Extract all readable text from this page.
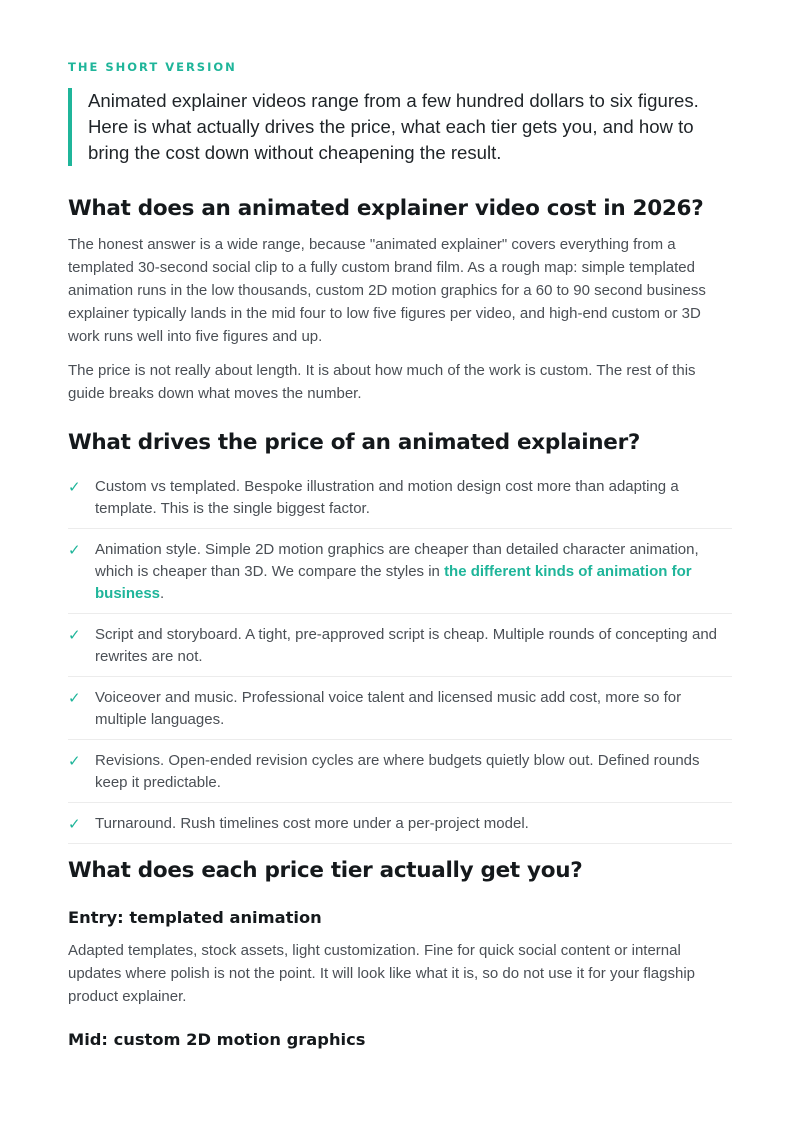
THE SHORT VERSION
Animated explainer videos range from a few hundred dollars to six figures. Here is what actually drives the price, what each tier gets you, and how to bring the cost down without cheapening the result.
What does an animated explainer video cost in 2026?

The honest answer is a wide range, because "animated explainer" covers everything from a templated 30-second social clip to a fully custom brand film. As a rough map: simple templated animation runs in the low thousands, custom 2D motion graphics for a 60 to 90 second business explainer typically lands in the mid four to low five figures per video, and high-end custom or 3D work runs well into five figures and up.

The price is not really about length. It is about how much of the work is custom. The rest of this guide breaks down what moves the number.

What drives the price of an animated explainer?
✓ Custom vs templated. Bespoke illustration and motion design cost more than adapting a template. This is the single biggest factor.
✓ Animation style. Simple 2D motion graphics are cheaper than detailed character animation, which is cheaper than 3D. We compare the styles in the different kinds of animation for business.
✓ Script and storyboard. A tight, pre-approved script is cheap. Multiple rounds of concepting and rewrites are not.
✓ Voiceover and music. Professional voice talent and licensed music add cost, more so for multiple languages.
✓ Revisions. Open-ended revision cycles are where budgets quietly blow out. Defined rounds keep it predictable.
✓ Turnaround. Rush timelines cost more under a per-project model.
What does each price tier actually get you?
Entry: templated animation

Adapted templates, stock assets, light customization. Fine for quick social content or internal updates where polish is not the point. It will look like what it is, so do not use it for your flagship product explainer.

Mid: custom 2D motion graphics
